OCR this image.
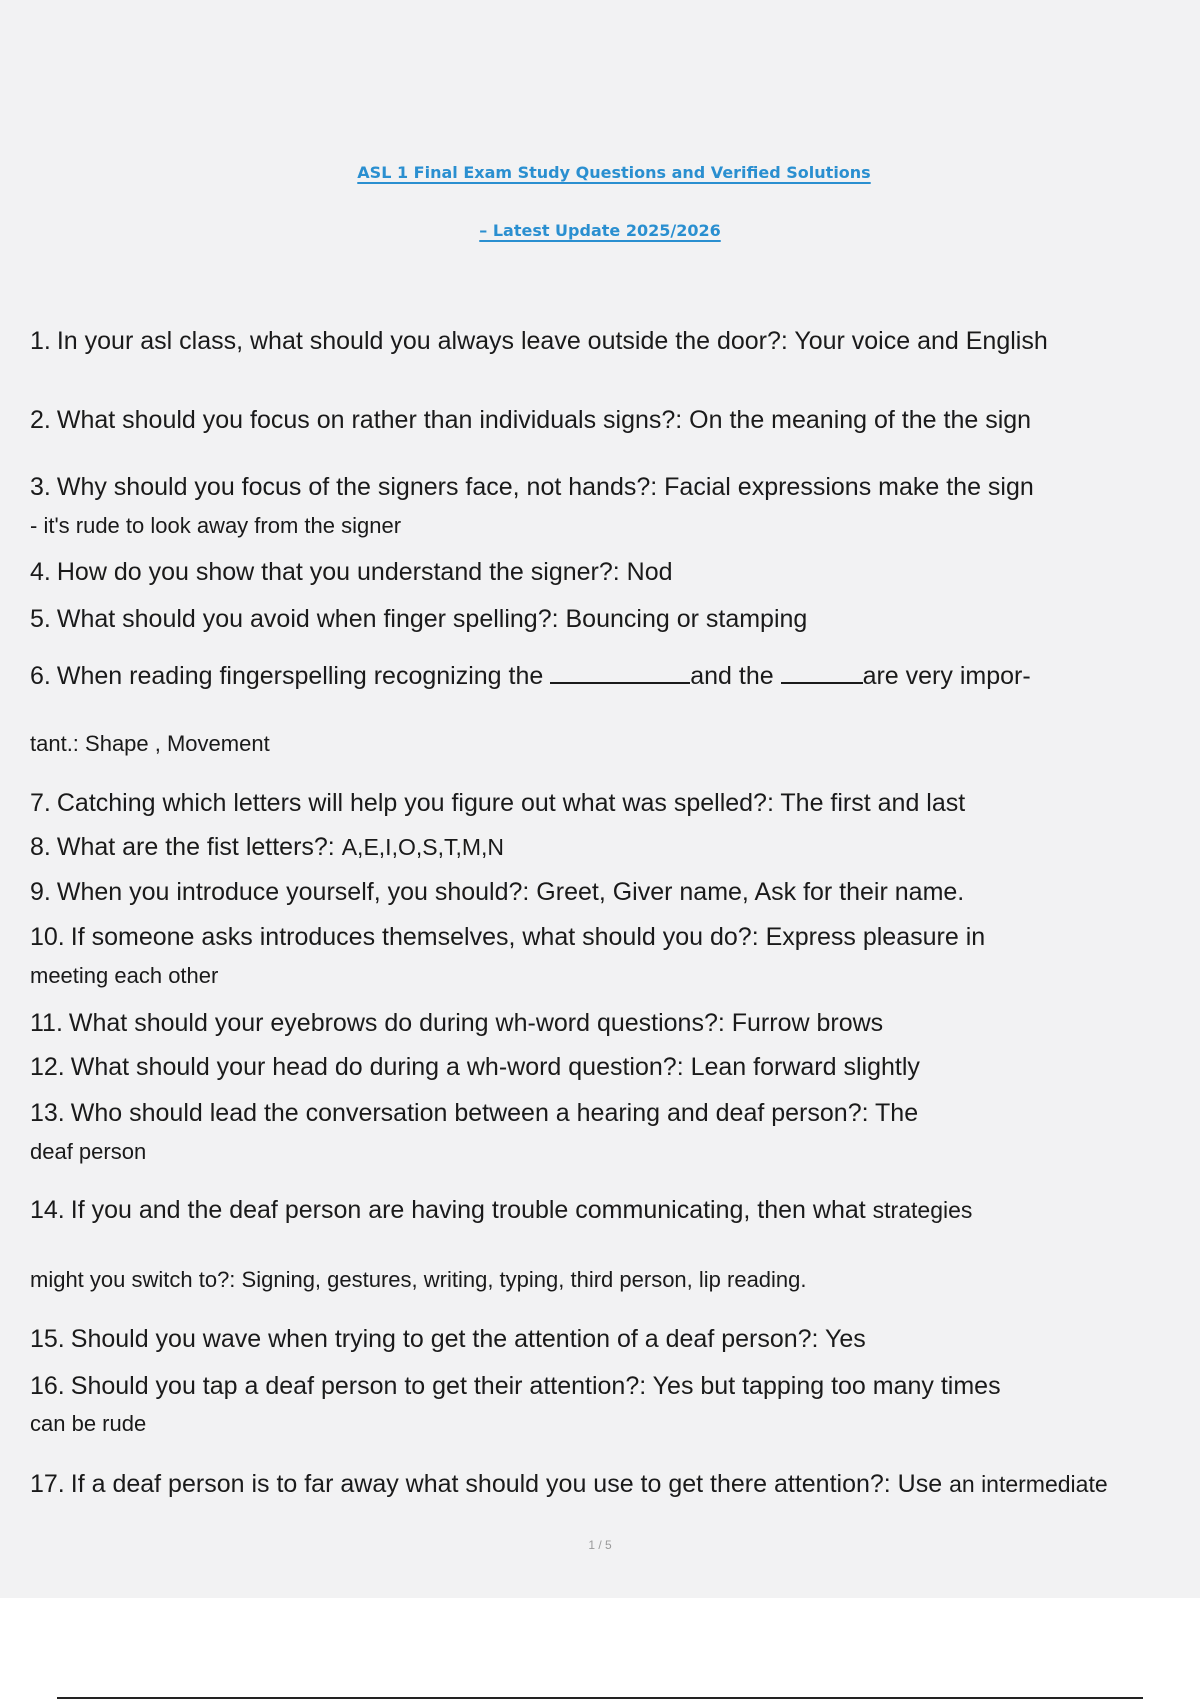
ASL 1 Final Exam Study Questions and Verified Solutions
– Latest Update 2025/2026
1. In your asl class, what should you always leave outside the door?: Your voice and English
2. What should you focus on rather than individuals signs?: On the meaning of the the sign
3. Why should you focus of the signers face, not hands?: Facial expressions make the sign
- it's rude to look away from the signer
4. How do you show that you understand the signer?: Nod
5. What should you avoid when finger spelling?: Bouncing or stamping
6. When reading fingerspelling recognizing the	and the	are very impor-
tant.: Shape , Movement
7. Catching which letters will help you figure out what was spelled?: The first and last
8. What are the fist letters?: A,E,I,O,S,T,M,N
9. When you introduce yourself, you should?: Greet, Giver name, Ask for their name.
10. If someone asks introduces themselves, what should you do?: Express pleasure in
meeting each other
11. What should your eyebrows do during wh-word questions?: Furrow brows
12. What should your head do during a wh-word question?: Lean forward slightly
13. Who should lead the conversation between a hearing and deaf person?: The
deaf person
14. If you and the deaf person are having trouble communicating, then what strategies
might you switch to?: Signing, gestures, writing, typing, third person, lip reading.
15. Should you wave when trying to get the attention of a deaf person?: Yes
16. Should you tap a deaf person to get their attention?: Yes but tapping too many times
can be rude
17. If a deaf person is to far away what should you use to get there attention?: Use an intermediate
1 / 5
